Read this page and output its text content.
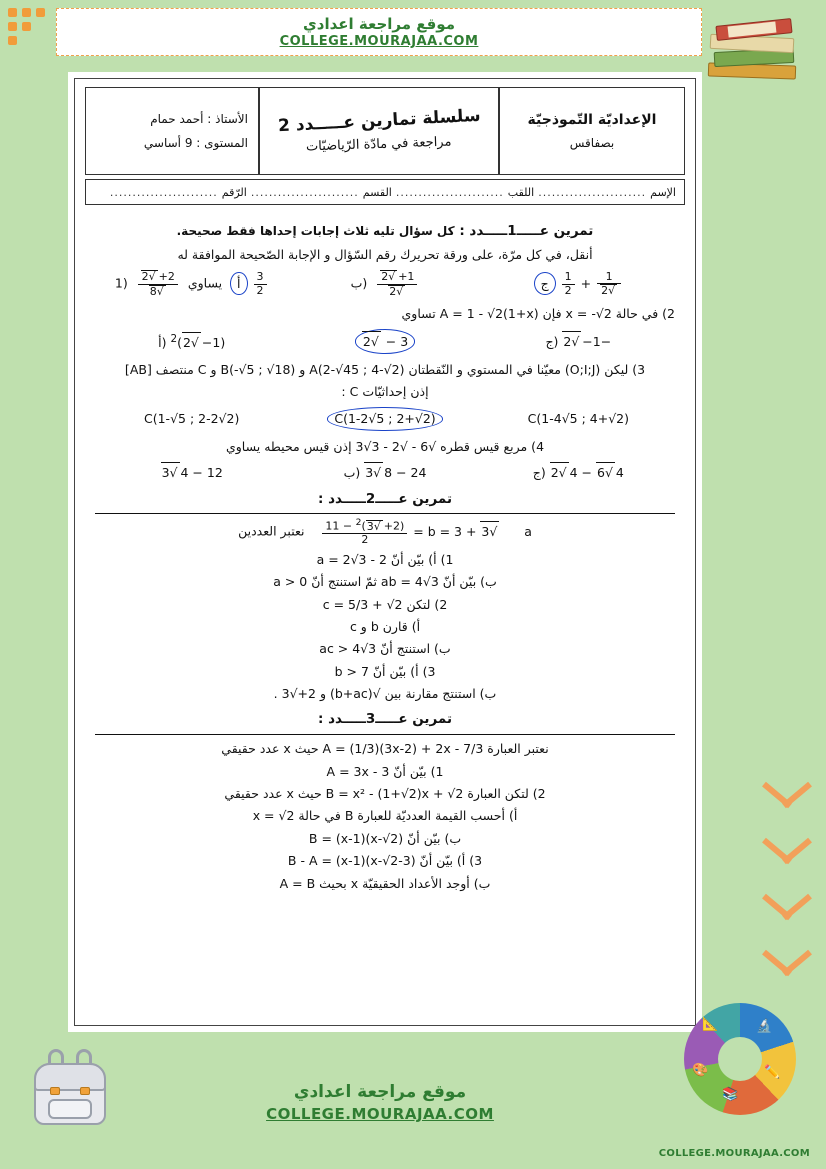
موقع مراجعة اعدادي
COLLEGE.MOURAJAA.COM
الإعداديّة التّموذجيّة
بصفاقس
سلسلة تمارين عـــــدد 2
مراجعة في مادّة الرّياضيّات
الأستاذ : أحمد حمام
المستوى : 9 أساسي
الإسم
........................
اللقب
........................
القسم
........................
الرّقم
........................
تمرين عـــــ1ـــــدد : كل سؤال تليه ثلاث إجابات إحداها فقط صحيحة.
أنقل، في كل مرّة، على ورقة تحريرك رقم السّؤال و الإجابة الصّحيحة الموافقة له
$\frac{1}{√2}$
+
$\frac{1}{2}$
ج
$\frac{1+√2}{√2}$
(ب
$\frac{3}{2}$
أ  يساوي
$\frac{2+√2}{√8}$
(1
2) في حالة x = -√2 فإن A = 1 - √2(1+x) تساوي
−1−√2 (ج
3 − √2
$(1-√2)^2$ (أ
3) ليكن (O;I;J) معيّنا في المستوي و النّقطتان A(2-√45 ; 4-√2) و B(-√5 ; √18) و C منتصف [AB]
إذن إحداثيّات C :
C(1-4√5 ; 4+√2)
C(1-2√5 ; 2+√2)
C(1-√5 ; 2-2√2)
4) مربع قيس قطره √6 - √2 - 3√3 إذن قيس محيطه يساوي
4√6 − 4√2 (ج
24 − 8√3 (ب
12 − 4√3
تمرين عـــــ2ـــــدد :
b = 3 + √3      a =
$\frac{(2+√3)^2 - 11}{2}$
نعتبر العددين
1) أ) بيّن أنّ a = 2√3 - 2
ب) بيّن أنّ ab = 4√3 ثمّ استنتج أنّ a > 0
2) لتكن c = 5/3 + √2
أ) قارن b و c
ب) استنتج أنّ ac > 4√3
3) أ) بيّن أنّ b > 7
ب) استنتج مقارنة بين √(b+ac) و 2+√3 .
تمرين عـــــ3ـــــدد :
نعتبر العبارة A = (1/3)(3x-2) + 2x - 7/3 حيث x عدد حقيقي
1) بيّن أنّ A = 3x - 3
2) لتكن العبارة B = x² - (1+√2)x + √2 حيث x عدد حقيقي
أ) أحسب القيمة العدديّة للعبارة B في حالة x = √2
ب) بيّن أنّ B = (x-1)(x-√2)
3) أ) بيّن أنّ B - A = (x-1)(x-√2-3)
ب) أوجد الأعداد الحقيقيّة x بحيث A = B
📐	🔬
✏️
📚
🎨
موقع مراجعة اعدادي
COLLEGE.MOURAJAA.COM
COLLEGE.MOURAJAA.COM
